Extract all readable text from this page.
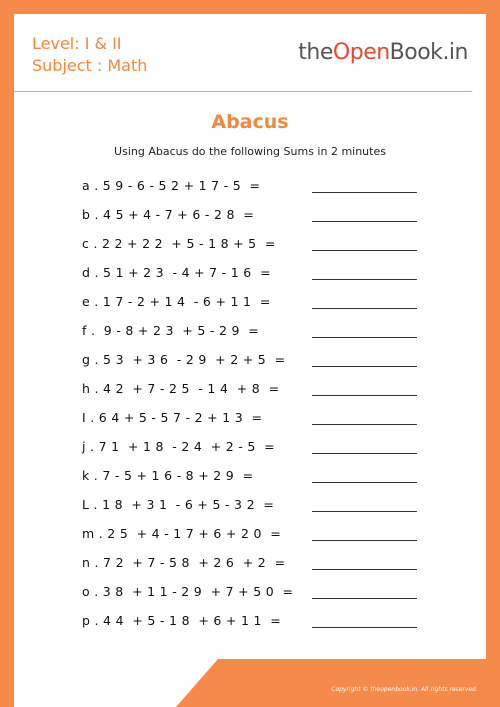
Level: I & II
Subject : Math
theOpenBook.in
Abacus
Using Abacus do the following Sums in 2 minutes
a . 5 9 - 6 - 5 2 + 1 7 - 5  =
b . 4 5 + 4 - 7 + 6 - 2 8  =
c . 2 2 + 2 2  + 5 - 1 8 + 5  =
d . 5 1 + 2 3  - 4 + 7 - 1 6  =
e . 1 7 - 2 + 1 4  - 6 + 1 1  =
f .  9 - 8 + 2 3  + 5 - 2 9  =
g . 5 3  + 3 6  - 2 9  + 2 + 5  =
h . 4 2  + 7 - 2 5  - 1 4  + 8  =
I . 6 4 + 5 - 5 7 - 2 + 1 3  =
j . 7 1  + 1 8  - 2 4  + 2 - 5  =
k . 7 - 5 + 1 6 - 8 + 2 9  =
L . 1 8  + 3 1  - 6 + 5 - 3 2  =
m . 2 5  + 4 - 1 7 + 6 + 2 0  =
n . 7 2  + 7 - 5 8  + 2 6  + 2  =
o . 3 8  + 1 1 - 2 9  + 7 + 5 0  =
p . 4 4  + 5 - 1 8  + 6 + 1 1  =
Copyright © theopenbook.in. All rights reserved
